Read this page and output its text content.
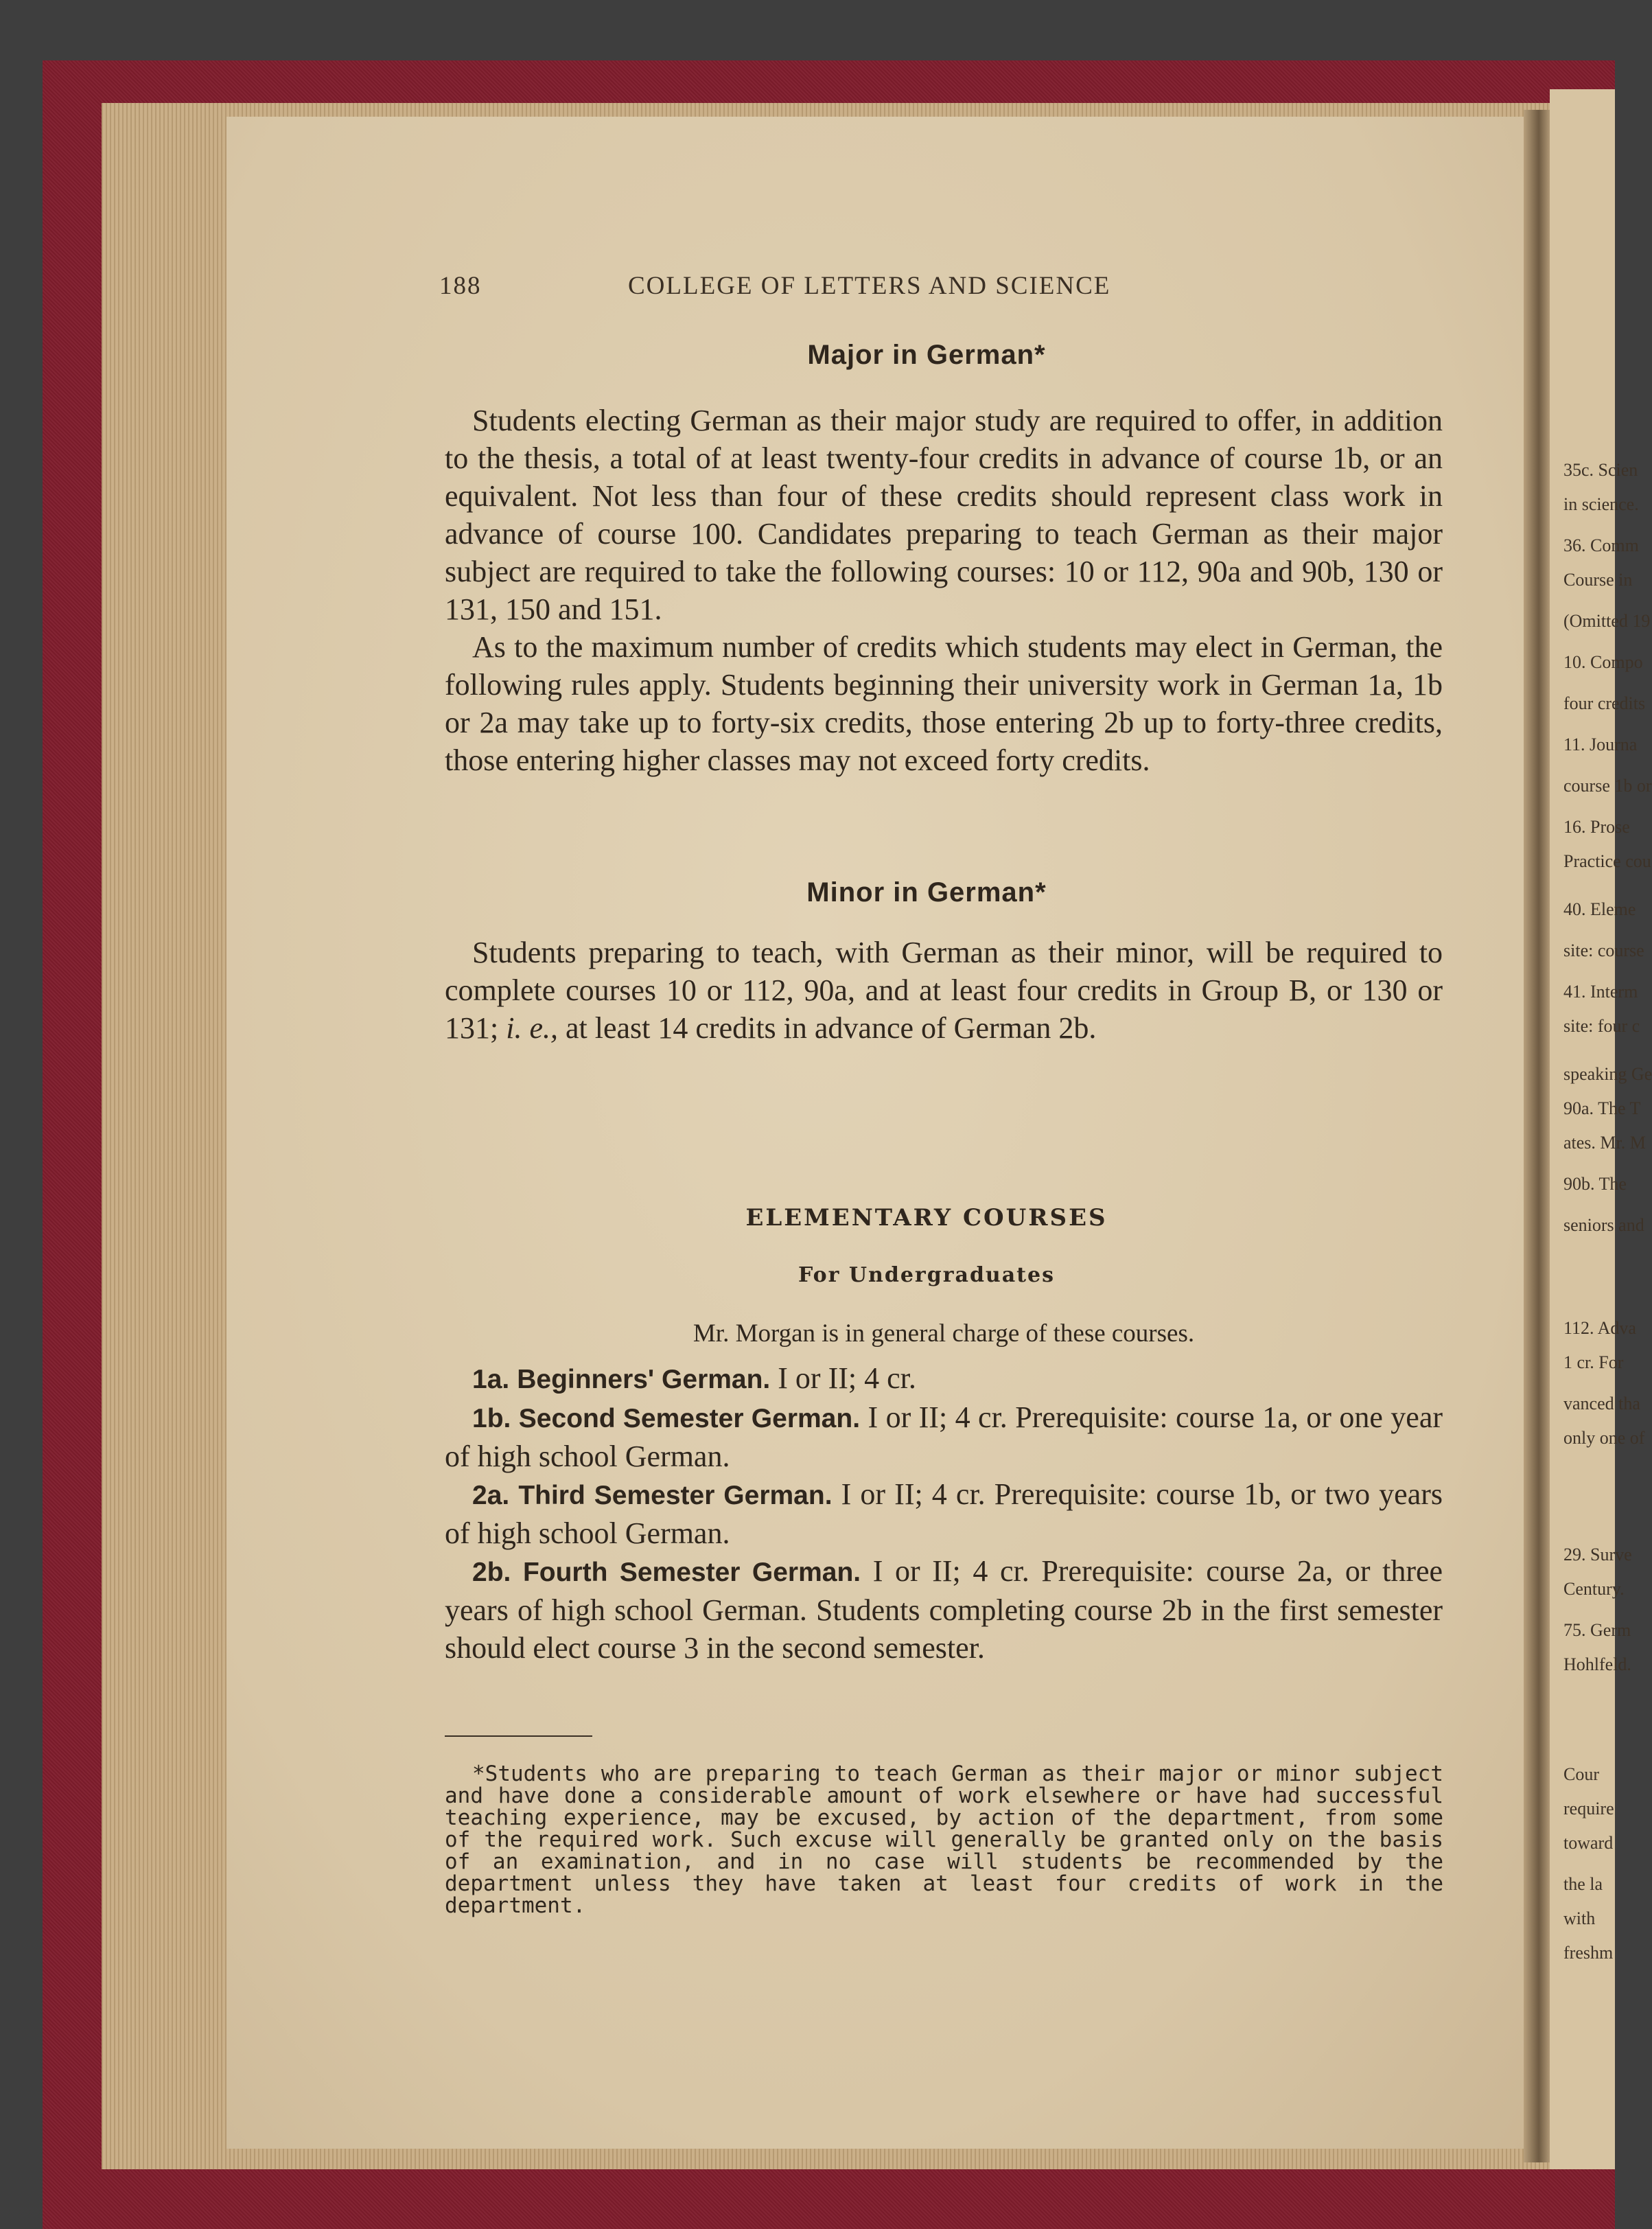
35c. Scien
in science.
36. Comm
Course in
(Omitted 19
10. Compo
four credits
11. Journa
course 1b or
16. Prose
Practice cou
40. Eleme
site: course
41. Interm
site: four c
speaking Ge
90a. The T
ates. Mr. M
90b. The
seniors and
112. Adva
1 cr. For
vanced tha
only one of
29. Surve
Century.
75. Germ
Hohlfeld.
Cour
require
toward
the la
with
freshm
188	COLLEGE OF LETTERS AND SCIENCE
Major in German*

Students electing German as their major study are required to offer, in addition to the thesis, a total of at least twenty-four credits in advance of course 1b, or an equivalent. Not less than four of these credits should represent class work in advance of course 100. Candidates preparing to teach German as their major subject are required to take the following courses: 10 or 112, 90a and 90b, 130 or 131, 150 and 151.

As to the maximum number of credits which students may elect in German, the following rules apply. Students beginning their university work in German 1a, 1b or 2a may take up to forty-six credits, those entering 2b up to forty-three credits, those entering higher classes may not exceed forty credits.

Minor in German*

Students preparing to teach, with German as their minor, will be required to complete courses 10 or 112, 90a, and at least four credits in Group B, or 130 or 131; i. e., at least 14 credits in advance of German 2b.

ELEMENTARY COURSES
For Undergraduates
Mr. Morgan is in general charge of these courses.

1a. Beginners' German. I or II; 4 cr.

1b. Second Semester German. I or II; 4 cr. Prerequisite: course 1a, or one year of high school German.

2a. Third Semester German. I or II; 4 cr. Prerequisite: course 1b, or two years of high school German.

2b. Fourth Semester German. I or II; 4 cr. Prerequisite: course 2a, or three years of high school German. Students completing course 2b in the first semester should elect course 3 in the second semester.

*Students who are preparing to teach German as their major or minor subject and have done a considerable amount of work elsewhere or have had successful teaching experience, may be excused, by action of the department, from some of the required work. Such excuse will generally be granted only on the basis of an examination, and in no case will students be recommended by the department unless they have taken at least four credits of work in the department.
